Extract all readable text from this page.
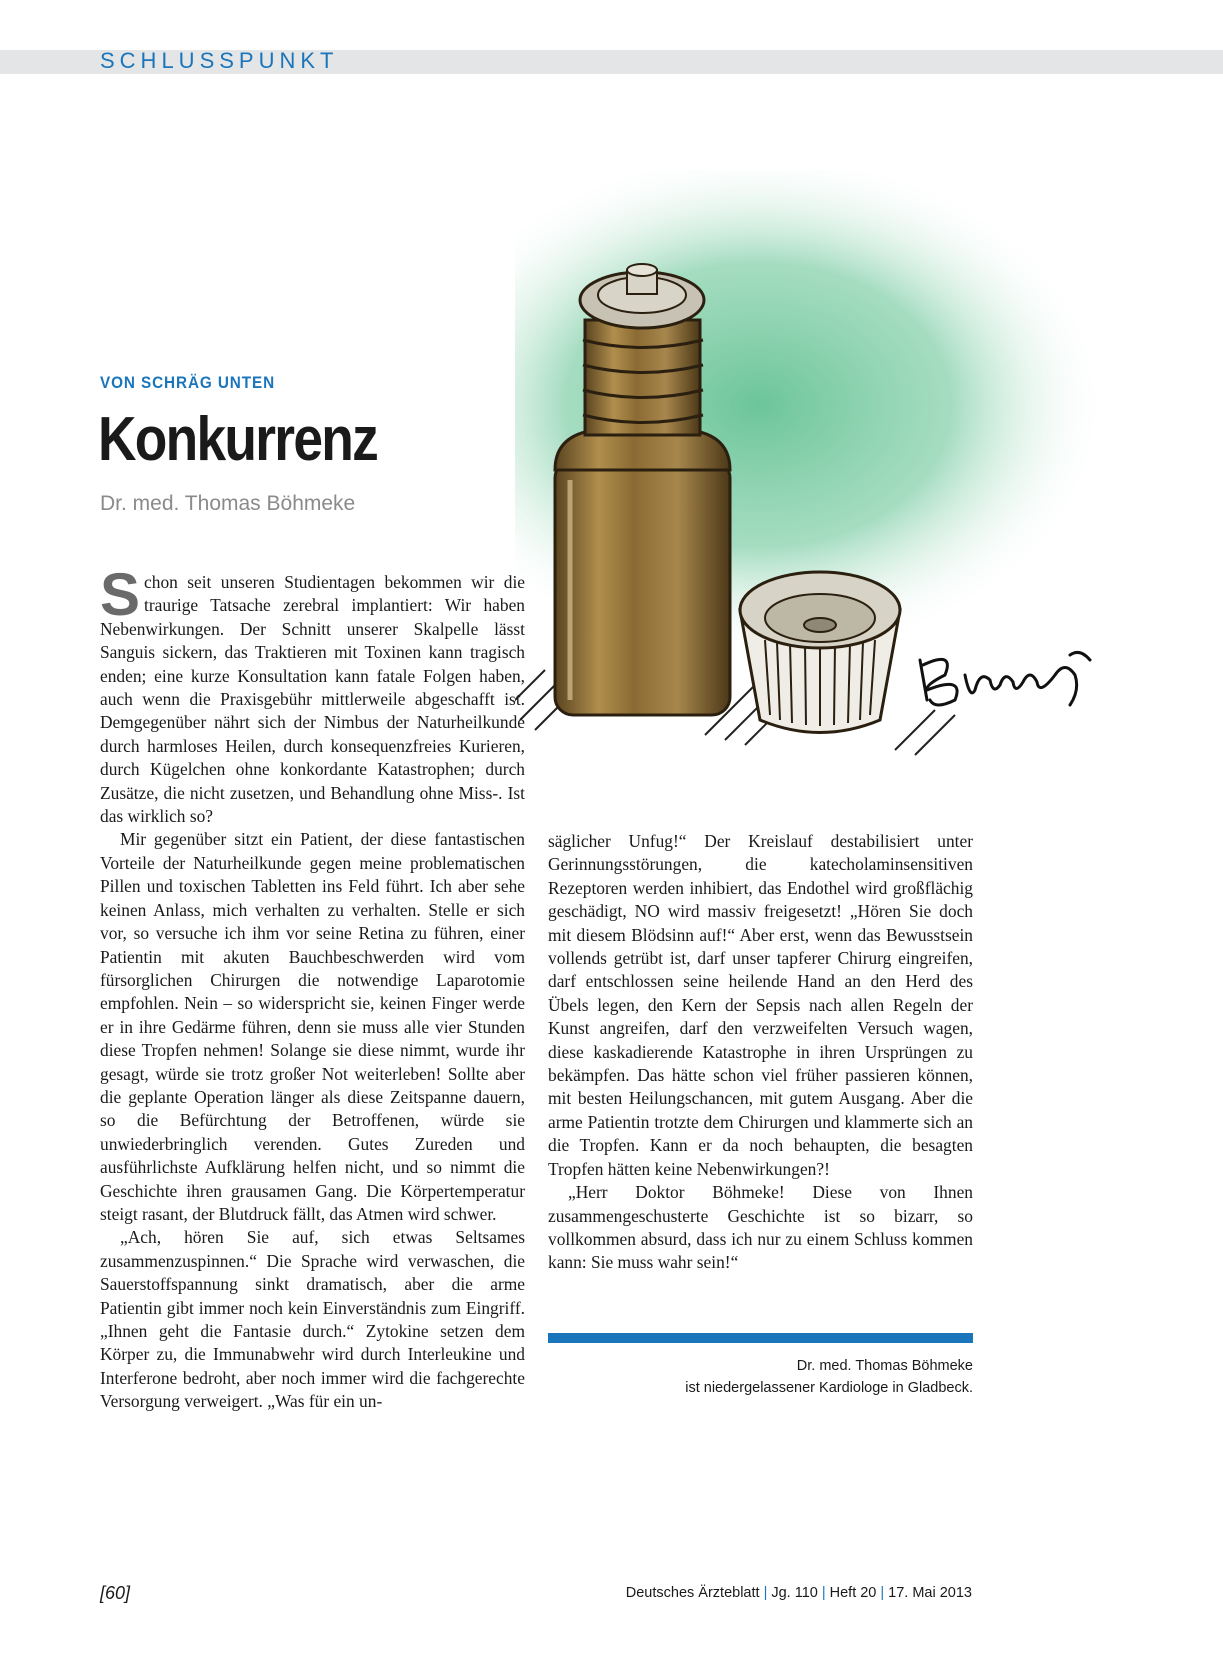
SCHLUSSPUNKT
VON SCHRÄG UNTEN
Konkurrenz
Dr. med. Thomas Böhmeke

Schon seit unseren Studientagen bekommen wir die traurige Tatsache zerebral implantiert: Wir haben Nebenwirkungen. Der Schnitt unserer Skalpelle lässt Sanguis sickern, das Traktieren mit Toxinen kann tragisch enden; eine kurze Konsultation kann fatale Folgen haben, auch wenn die Praxisgebühr mittlerweile abgeschafft ist. Demgegenüber nährt sich der Nimbus der Naturheilkunde durch harmloses Heilen, durch konsequenzfreies Kurieren, durch Kügelchen ohne konkordante Katastrophen; durch Zusätze, die nicht zusetzen, und Behandlung ohne Miss-. Ist das wirklich so?

Mir gegenüber sitzt ein Patient, der diese fantastischen Vorteile der Naturheilkunde gegen meine problematischen Pillen und toxischen Tabletten ins Feld führt. Ich aber sehe keinen Anlass, mich verhalten zu verhalten. Stelle er sich vor, so versuche ich ihm vor seine Retina zu führen, einer Patientin mit akuten Bauchbeschwerden wird vom fürsorglichen Chirurgen die notwendige Laparotomie empfohlen. Nein – so widerspricht sie, keinen Finger werde er in ihre Gedärme führen, denn sie muss alle vier Stunden diese Tropfen nehmen! Solange sie diese nimmt, wurde ihr gesagt, würde sie trotz großer Not weiterleben! Sollte aber die geplante Operation länger als diese Zeitspanne dauern, so die Befürchtung der Betroffenen, würde sie unwiederbringlich verenden. Gutes Zureden und ausführlichste Aufklärung helfen nicht, und so nimmt die Geschichte ihren grausamen Gang. Die Körpertemperatur steigt rasant, der Blutdruck fällt, das Atmen wird schwer.

„Ach, hören Sie auf, sich etwas Seltsames zusammenzuspinnen.“ Die Sprache wird verwaschen, die Sauerstoffspannung sinkt dramatisch, aber die arme Patientin gibt immer noch kein Einverständnis zum Eingriff. „Ihnen geht die Fantasie durch.“ Zytokine setzen dem Körper zu, die Immunabwehr wird durch Interleukine und Interferone bedroht, aber noch immer wird die fachgerechte Versorgung verweigert. „Was für ein un-

säglicher Unfug!“ Der Kreislauf destabilisiert unter Gerinnungsstörungen, die katecholaminsensitiven Rezeptoren werden inhibiert, das Endothel wird großflächig geschädigt, NO wird massiv freigesetzt! „Hören Sie doch mit diesem Blödsinn auf!“ Aber erst, wenn das Bewusstsein vollends getrübt ist, darf unser tapferer Chirurg eingreifen, darf entschlossen seine heilende Hand an den Herd des Übels legen, den Kern der Sepsis nach allen Regeln der Kunst angreifen, darf den verzweifelten Versuch wagen, diese kaskadierende Katastrophe in ihren Ursprüngen zu bekämpfen. Das hätte schon viel früher passieren können, mit besten Heilungschancen, mit gutem Ausgang. Aber die arme Patientin trotzte dem Chirurgen und klammerte sich an die Tropfen. Kann er da noch behaupten, die besagten Tropfen hätten keine Nebenwirkungen?!

„Herr Doktor Böhmeke! Diese von Ihnen zusammengeschusterte Geschichte ist so bizarr, so vollkommen absurd, dass ich nur zu einem Schluss kommen kann: Sie muss wahr sein!“

Dr. med. Thomas Böhmeke
ist niedergelassener Kardiologe in Gladbeck.
[60]	Deutsches Ärzteblatt | Jg. 110 | Heft 20 | 17. Mai 2013
